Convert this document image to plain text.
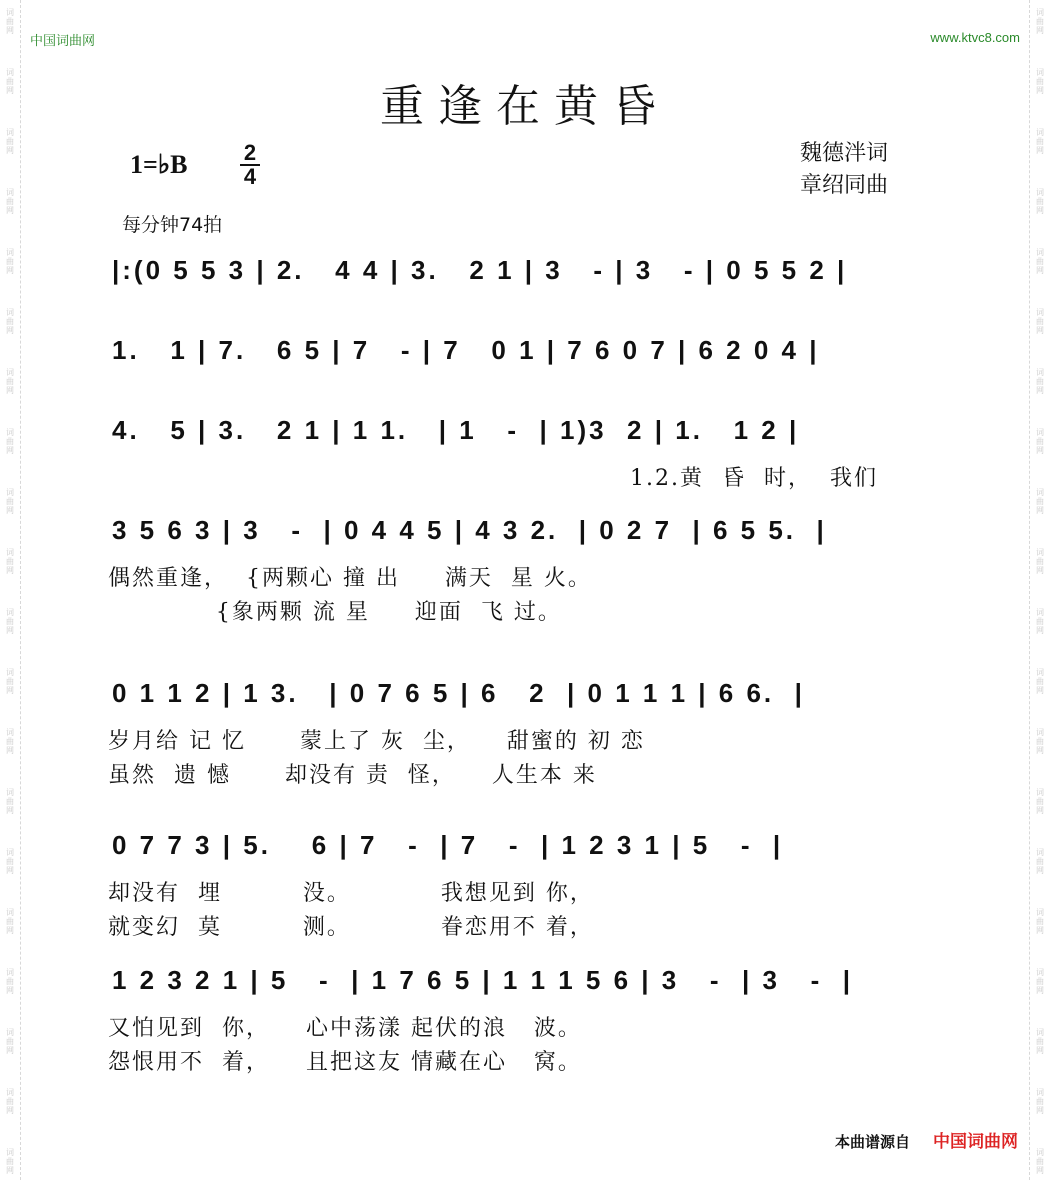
词
曲
网
词
曲
网
词
曲
网
词
曲
网
词
曲
网
词
曲
网
词
曲
网
词
曲
网
词
曲
网
词
曲
网
词
曲
网
词
曲
网
词
曲
网
词
曲
网
词
曲
网
词
曲
网
词
曲
网
词
曲
网
词
曲
网
词
曲
网
词
曲
网
词
曲
网
词
曲
网
词
曲
网
词
曲
网
词
曲
网
词
曲
网
词
曲
网
词
曲
网
词
曲
网
词
曲
网
词
曲
网
词
曲
网
词
曲
网
词
曲
网
词
曲
网
词
曲
网
词
曲
网
词
曲
网
词
曲
网
中国词曲网	www.ktvc8.com
重逢在黄昏
魏德泮词
章绍同曲
1=♭B $\frac{2}{4}$
每分钟74拍
|:(0 5 5 3 | 2.   4 4 | 3.   2 1 | 3   - | 3   - | 0 5 5 2 |
1.   1 | 7.   6 5 | 7   - | 7   0 1 | 7 6 0 7 | 6 2 0 4 |
4.   5 | 3.   2 1 | 1 1.   | 1   -  | 1)3  2 | 1.   1 2 |
1.2.黄  昏  时，  我们
3 5 6 3 | 3   -  | 0 4 4 5 | 4 3 2.  | 0 2 7  | 6 5 5.  |
偶然重逢，  {两颗心 撞 出     满天  星 火。
{象两颗 流 星     迎面  飞 过。
0 1 1 2 | 1 3.   | 0 7 6 5 | 6   2  | 0 1 1 1 | 6 6.  |
岁月给 记 忆      蒙上了 灰  尘，    甜蜜的 初 恋
虽然  遗 憾      却没有 责  怪，    人生本 来
0 7 7 3 | 5.    6 | 7   -  | 7   -  | 1 2 3 1 | 5   -  |
却没有  埋         没。          我想见到 你，
就变幻  莫         测。          眷恋用不 着，
1 2 3 2 1 | 5   -  | 1 7 6 5 | 1 1 1 5 6 | 3   -  | 3   -  |
又怕见到  你，    心中荡漾 起伏的浪   波。
怨恨用不  着，    且把这友 情藏在心   窝。
本曲谱源自 中国词曲网
